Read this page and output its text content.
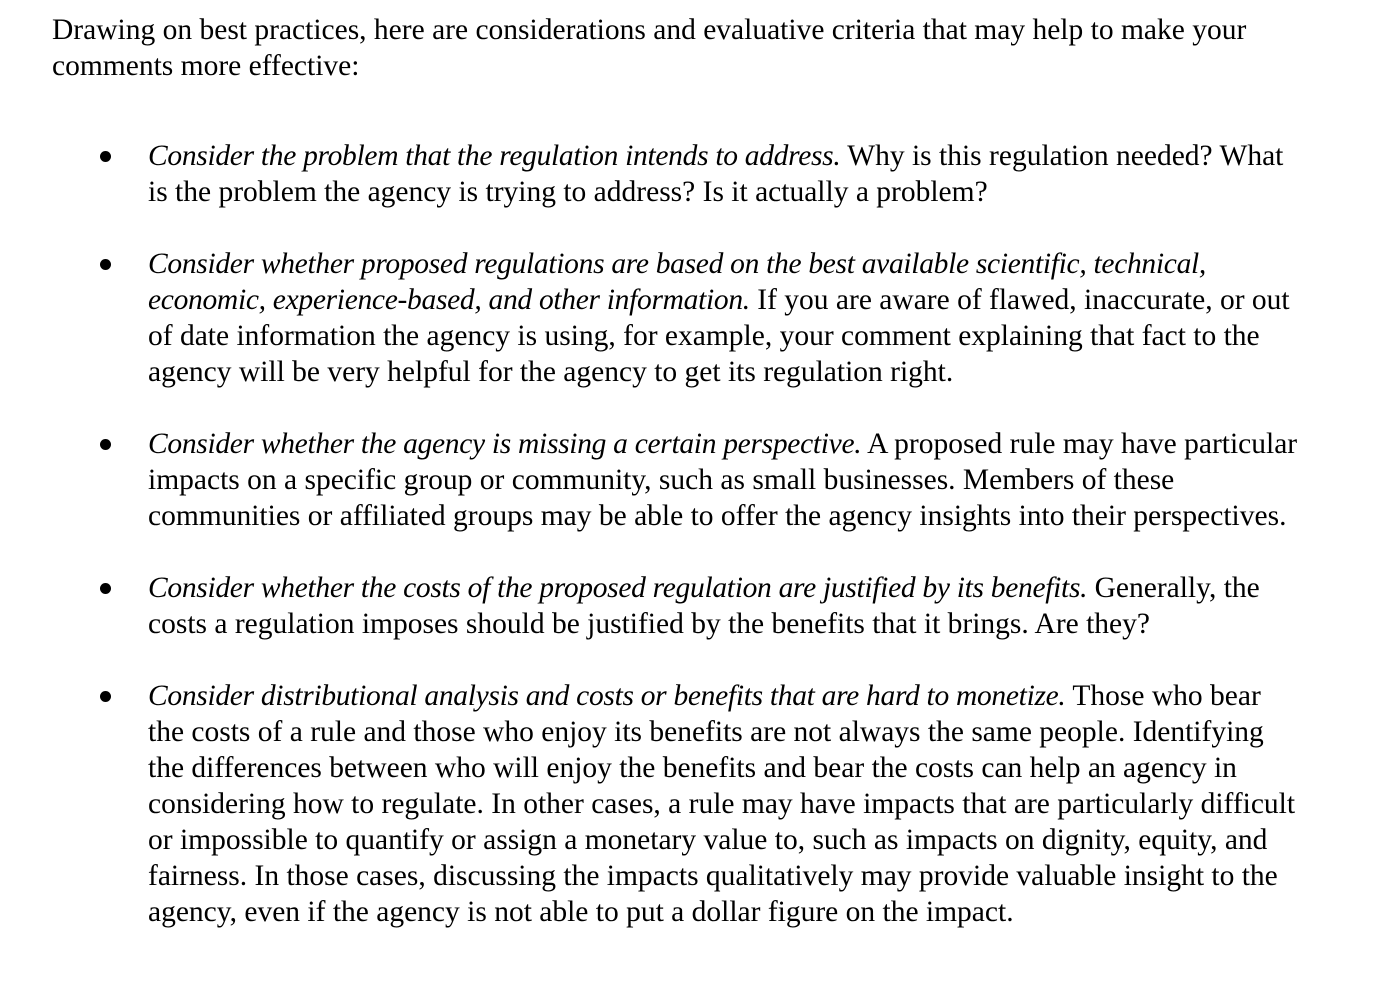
Drawing on best practices, here are considerations and evaluative criteria that may help to make your comments more effective:

Consider the problem that the regulation intends to address. Why is this regulation needed? What is the problem the agency is trying to address? Is it actually a problem?
Consider whether proposed regulations are based on the best available scientific, technical, economic, experience-based, and other information. If you are aware of flawed, inaccurate, or out of date information the agency is using, for example, your comment explaining that fact to the agency will be very helpful for the agency to get its regulation right.
Consider whether the agency is missing a certain perspective. A proposed rule may have particular impacts on a specific group or community, such as small businesses. Members of these communities or affiliated groups may be able to offer the agency insights into their perspectives.
Consider whether the costs of the proposed regulation are justified by its benefits. Generally, the costs a regulation imposes should be justified by the benefits that it brings. Are they?
Consider distributional analysis and costs or benefits that are hard to monetize. Those who bear the costs of a rule and those who enjoy its benefits are not always the same people. Identifying the differences between who will enjoy the benefits and bear the costs can help an agency in considering how to regulate. In other cases, a rule may have impacts that are particularly difficult or impossible to quantify or assign a monetary value to, such as impacts on dignity, equity, and fairness. In those cases, discussing the impacts qualitatively may provide valuable insight to the agency, even if the agency is not able to put a dollar figure on the impact.
